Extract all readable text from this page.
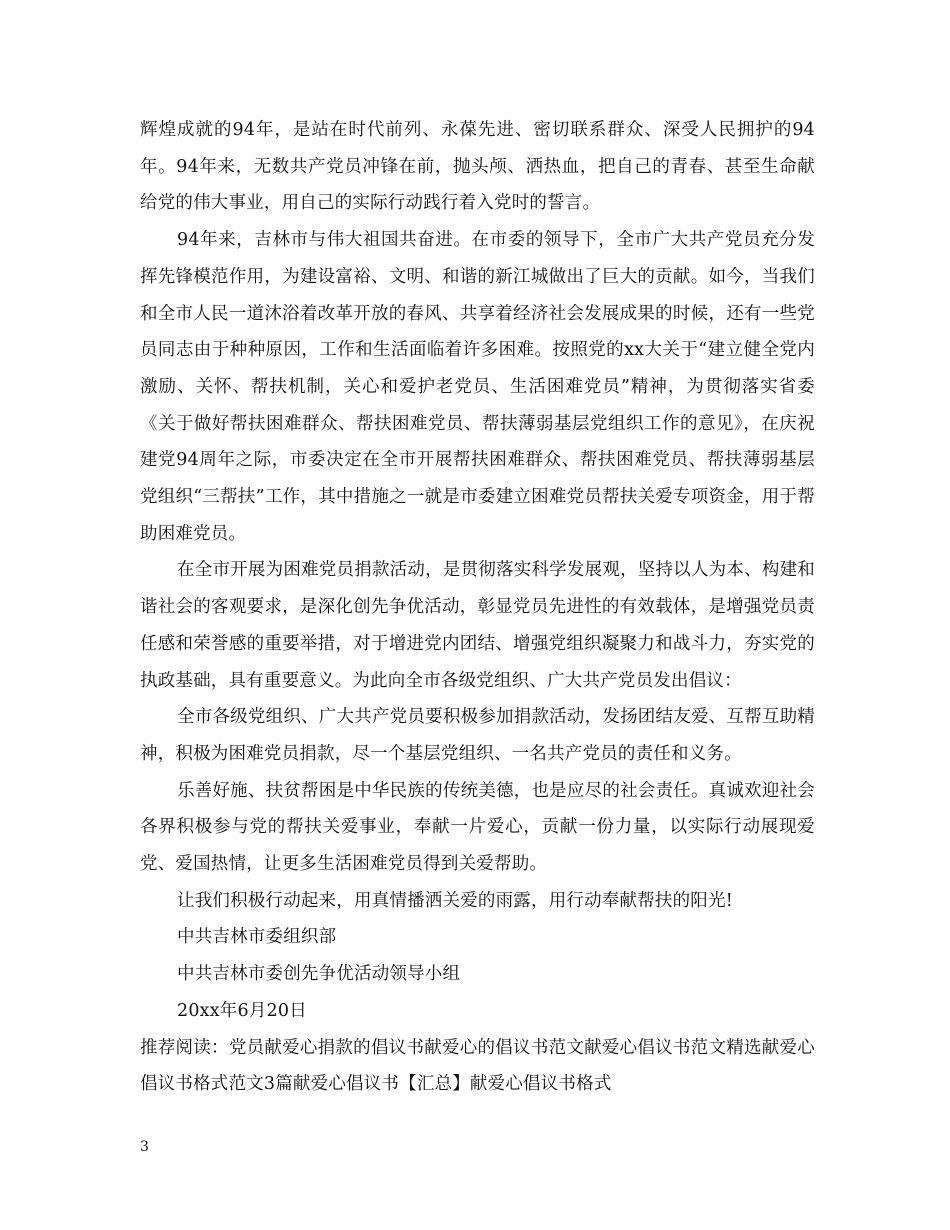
辉煌成就的94年，是站在时代前列、永葆先进、密切联系群众、深受人民拥护的94年。94年来，无数共产党员冲锋在前，抛头颅、洒热血，把自己的青春、甚至生命献给党的伟大事业，用自己的实际行动践行着入党时的誓言。

94年来，吉林市与伟大祖国共奋进。在市委的领导下，全市广大共产党员充分发挥先锋模范作用，为建设富裕、文明、和谐的新江城做出了巨大的贡献。如今，当我们和全市人民一道沐浴着改革开放的春风、共享着经济社会发展成果的时候，还有一些党员同志由于种种原因，工作和生活面临着许多困难。按照党的xx大关于“建立健全党内激励、关怀、帮扶机制，关心和爱护老党员、生活困难党员”精神，为贯彻落实省委《关于做好帮扶困难群众、帮扶困难党员、帮扶薄弱基层党组织工作的意见》，在庆祝建党94周年之际，市委决定在全市开展帮扶困难群众、帮扶困难党员、帮扶薄弱基层党组织“三帮扶”工作，其中措施之一就是市委建立困难党员帮扶关爱专项资金，用于帮助困难党员。

在全市开展为困难党员捐款活动，是贯彻落实科学发展观，坚持以人为本、构建和谐社会的客观要求，是深化创先争优活动，彰显党员先进性的有效载体，是增强党员责任感和荣誉感的重要举措，对于增进党内团结、增强党组织凝聚力和战斗力，夯实党的执政基础，具有重要意义。为此向全市各级党组织、广大共产党员发出倡议：

全市各级党组织、广大共产党员要积极参加捐款活动，发扬团结友爱、互帮互助精神，积极为困难党员捐款，尽一个基层党组织、一名共产党员的责任和义务。

乐善好施、扶贫帮困是中华民族的传统美德，也是应尽的社会责任。真诚欢迎社会各界积极参与党的帮扶关爱事业，奉献一片爱心，贡献一份力量，以实际行动展现爱党、爱国热情，让更多生活困难党员得到关爱帮助。

让我们积极行动起来，用真情播洒关爱的雨露，用行动奉献帮扶的阳光!

中共吉林市委组织部

中共吉林市委创先争优活动领导小组

20xx年6月20日

推荐阅读：党员献爱心捐款的倡议书献爱心的倡议书范文献爱心倡议书范文精选献爱心倡议书格式范文3篇献爱心倡议书【汇总】献爱心倡议书格式

3
